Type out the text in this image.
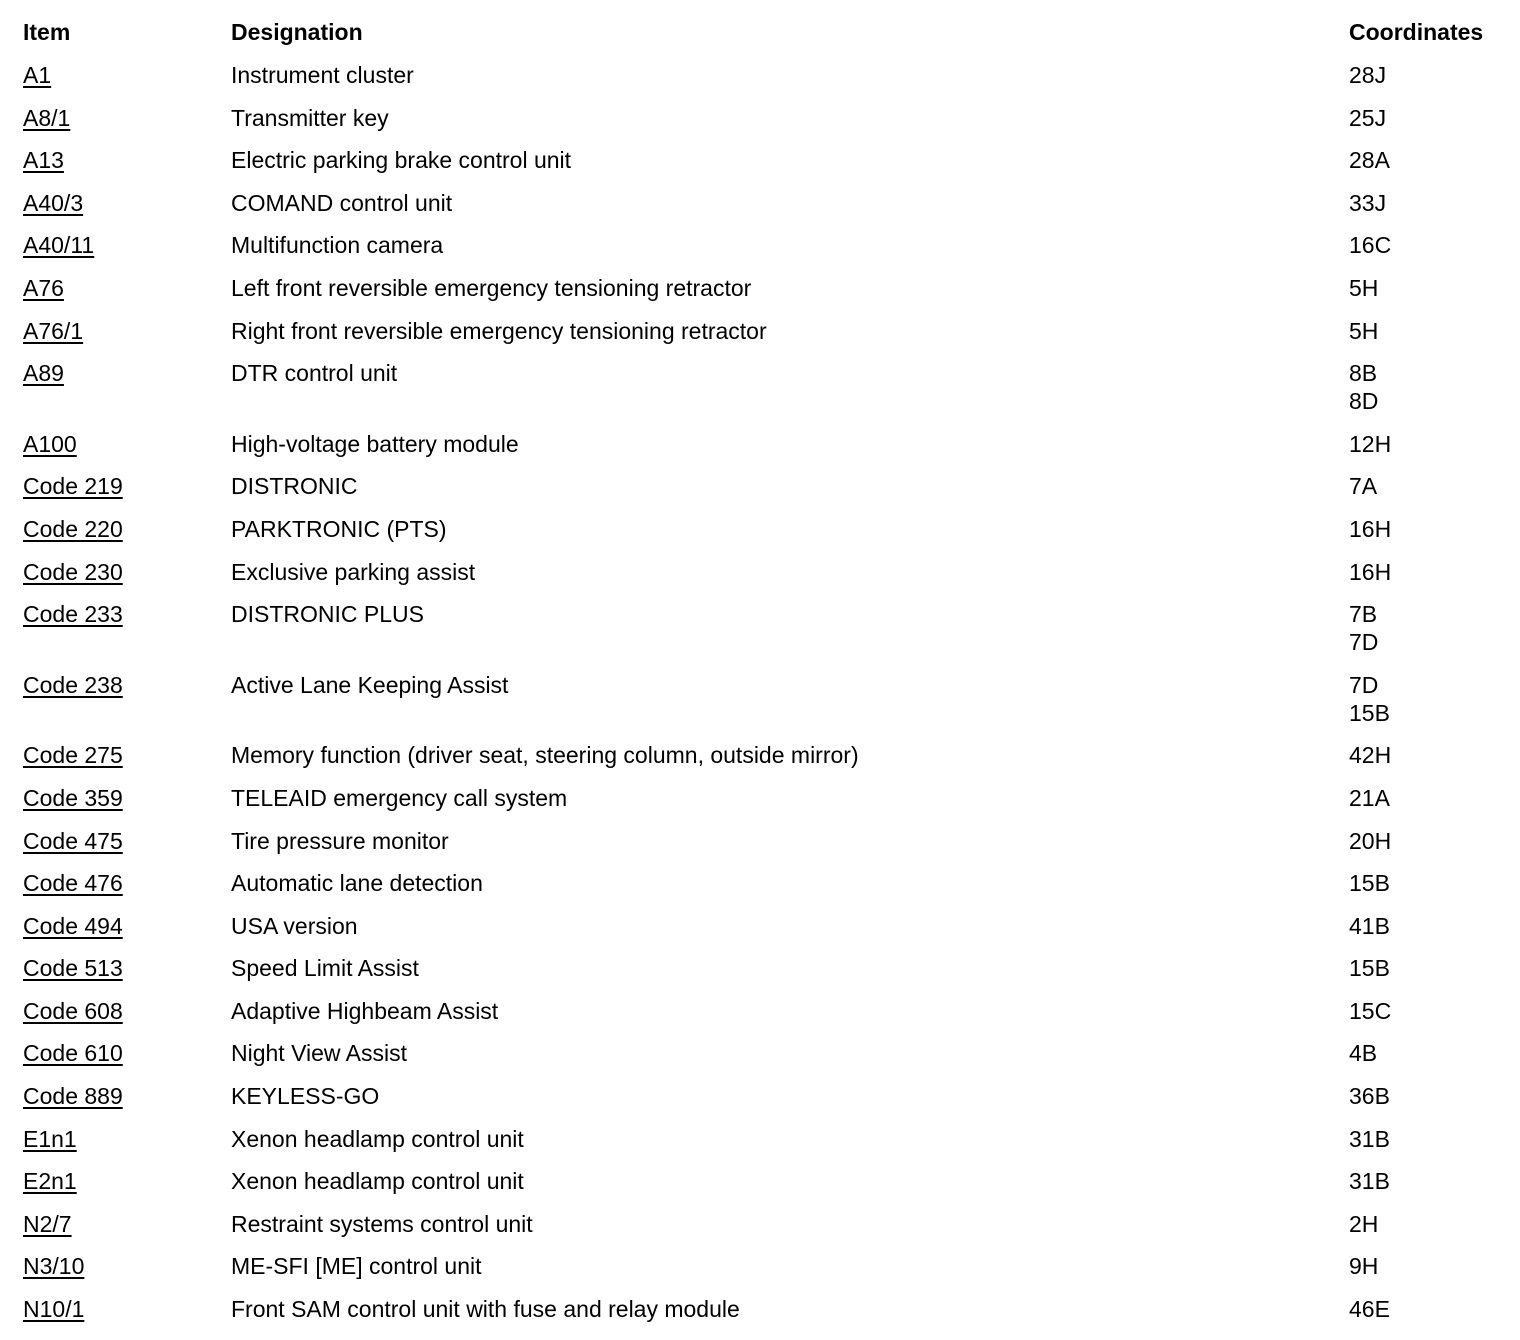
Item	Designation	Coordinates
A1	Instrument cluster	28J
A8/1	Transmitter key	25J
A13	Electric parking brake control unit	28A
A40/3	COMAND control unit	33J
A40/11	Multifunction camera	16C
A76	Left front reversible emergency tensioning retractor	5H
A76/1	Right front reversible emergency tensioning retractor	5H
A89	DTR control unit	8B
8D
A100	High-voltage battery module	12H
Code 219	DISTRONIC	7A
Code 220	PARKTRONIC (PTS)	16H
Code 230	Exclusive parking assist	16H
Code 233	DISTRONIC PLUS	7B
7D
Code 238	Active Lane Keeping Assist	7D
15B
Code 275	Memory function (driver seat, steering column, outside mirror)	42H
Code 359	TELEAID emergency call system	21A
Code 475	Tire pressure monitor	20H
Code 476	Automatic lane detection	15B
Code 494	USA version	41B
Code 513	Speed Limit Assist	15B
Code 608	Adaptive Highbeam Assist	15C
Code 610	Night View Assist	4B
Code 889	KEYLESS-GO	36B
E1n1	Xenon headlamp control unit	31B
E2n1	Xenon headlamp control unit	31B
N2/7	Restraint systems control unit	2H
N3/10	ME-SFI [ME] control unit	9H
N10/1	Front SAM control unit with fuse and relay module	46E
